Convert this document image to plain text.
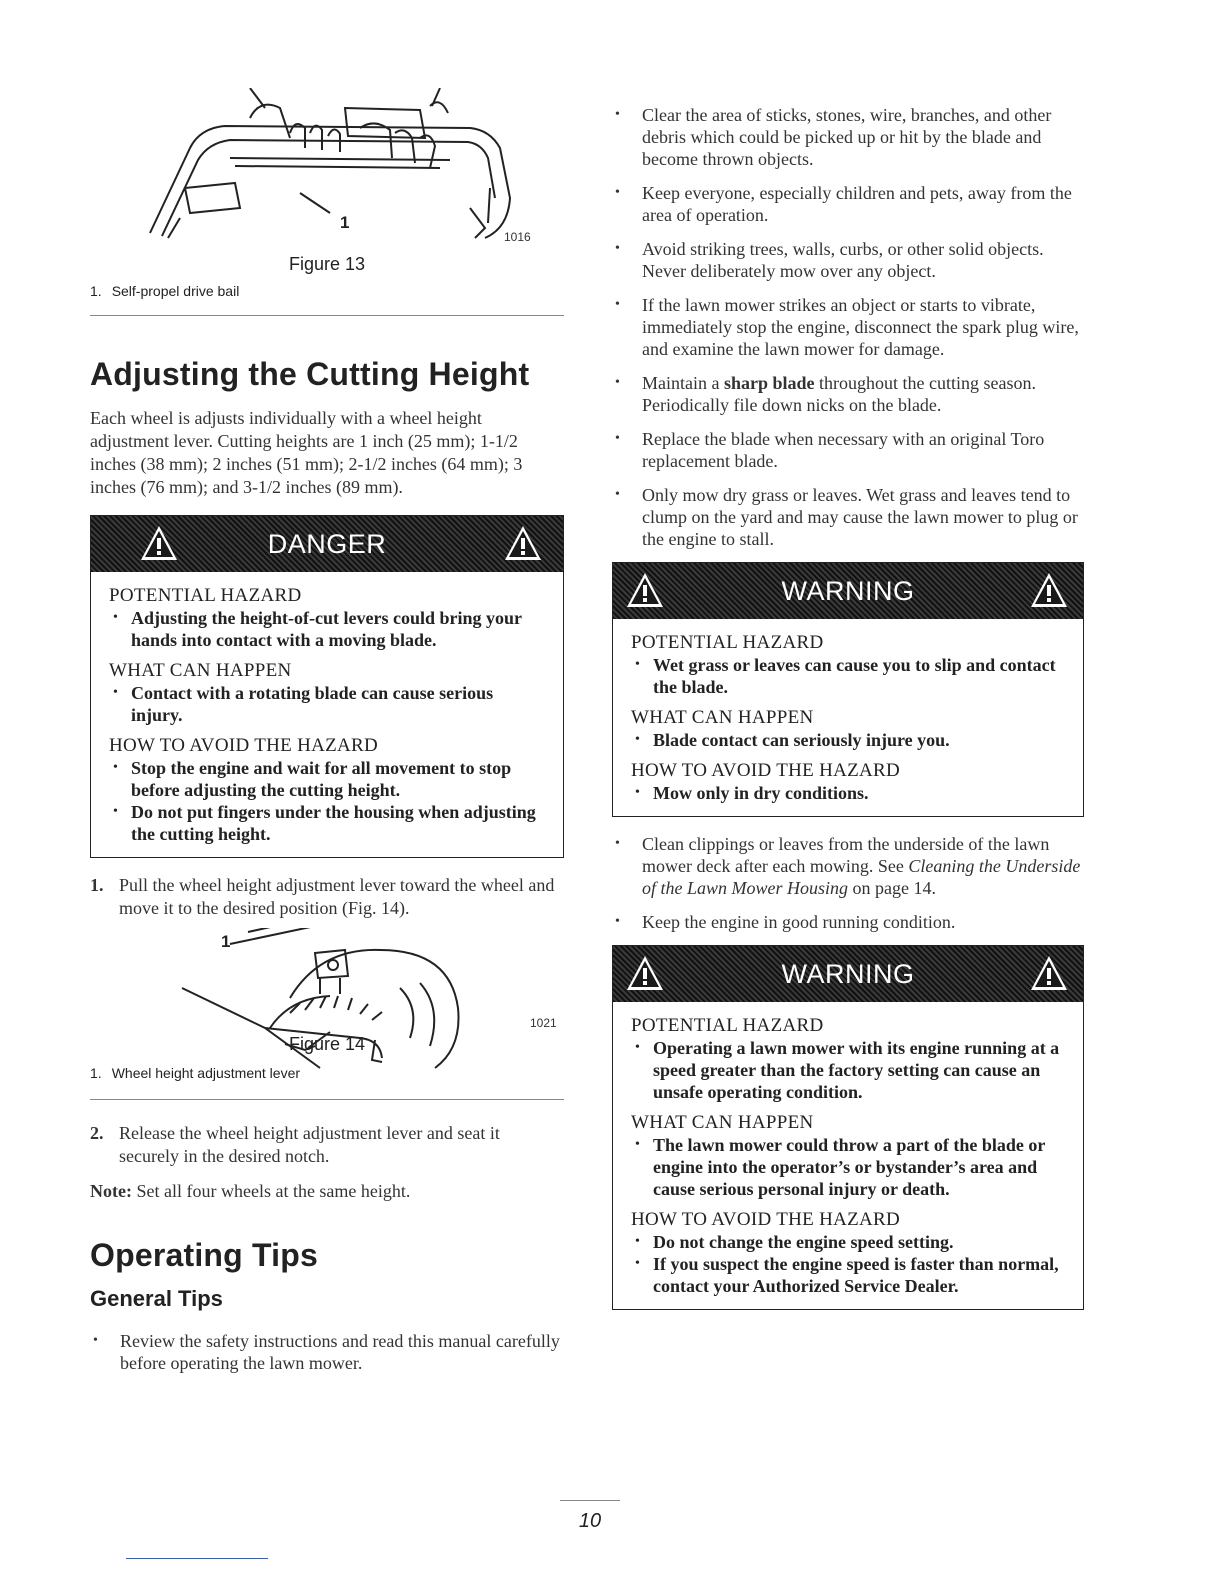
1
1016
Figure 13
1. Self-propel drive bail
Adjusting the Cutting Height

Each wheel is adjusts individually with a wheel height adjustment lever. Cutting heights are 1 inch (25 mm); 1-1/2 inches (38 mm); 2 inches (51 mm); 2-1/2 inches (64 mm); 3 inches (76 mm); and 3-1/2 inches (89 mm).

DANGER
POTENTIAL HAZARD
• Adjusting the height-of-cut levers could bring your hands into contact with a moving blade.
WHAT CAN HAPPEN
• Contact with a rotating blade can cause serious injury.
HOW TO AVOID THE HAZARD
• Stop the engine and wait for all movement to stop before adjusting the cutting height.
• Do not put fingers under the housing when adjusting the cutting height.
1. Pull the wheel height adjustment lever toward the wheel and move it to the desired position (Fig. 14).
1
1021
Figure 14
1. Wheel height adjustment lever
2. Release the wheel height adjustment lever and seat it securely in the desired notch.

Note: Set all four wheels at the same height.

Operating Tips
General Tips
• Review the safety instructions and read this manual carefully before operating the lawn mower.
• Clear the area of sticks, stones, wire, branches, and other debris which could be picked up or hit by the blade and become thrown objects.
• Keep everyone, especially children and pets, away from the area of operation.
• Avoid striking trees, walls, curbs, or other solid objects. Never deliberately mow over any object.
• If the lawn mower strikes an object or starts to vibrate, immediately stop the engine, disconnect the spark plug wire, and examine the lawn mower for damage.
• Maintain a sharp blade throughout the cutting season. Periodically file down nicks on the blade.
• Replace the blade when necessary with an original Toro replacement blade.
• Only mow dry grass or leaves. Wet grass and leaves tend to clump on the yard and may cause the lawn mower to plug or the engine to stall.
WARNING
POTENTIAL HAZARD
• Wet grass or leaves can cause you to slip and contact the blade.
WHAT CAN HAPPEN
• Blade contact can seriously injure you.
HOW TO AVOID THE HAZARD
• Mow only in dry conditions.
• Clean clippings or leaves from the underside of the lawn mower deck after each mowing. See Cleaning the Underside of the Lawn Mower Housing on page 14.
• Keep the engine in good running condition.
WARNING
POTENTIAL HAZARD
• Operating a lawn mower with its engine running at a speed greater than the factory setting can cause an unsafe operating condition.
WHAT CAN HAPPEN
• The lawn mower could throw a part of the blade or engine into the operator’s or bystander’s area and cause serious personal injury or death.
HOW TO AVOID THE HAZARD
• Do not change the engine speed setting.
• If you suspect the engine speed is faster than normal, contact your Authorized Service Dealer.
10
